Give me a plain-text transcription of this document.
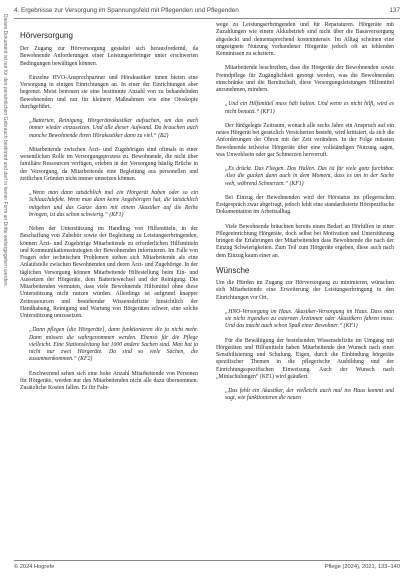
Dieses Dokument ist nur für den persönlichen Gebrauch bestimmt und darf in keiner Form an Dritte weitergegeben werden.
4. Ergebnisse zur Versorgung im Spannungsfeld mit Pflegenden und Pflegenden	137
Hörversorgung

Der Zugang zur Hörversorgung gestaltet sich herausfordernd, da Bewohnende Anforderungen einer Leistungserbringer unter erschwerten Bedingungen bewältigen können.

Einzelne HVO-Ansprechpartner und Hörakustiker innen bieten eine Versorgung in einigen Einrichtungen an. In einer der Einrichtungen aber begrenzt. Meist betreuen sie eine bestimmte Anzahl von zu behandelnden Bewohnenden und nur für kleinere Maßnahmen wie eine Otoskopie durchgeführt.

„Batterien, Reinigung, Hörgeräteakustiker aufsuchen, um das auch immer wieder einzusetzen. Und alle dieser Aufwand. Da brauchen auch manche Bewohnende ihren Hörakustiker dann zu viel.“ (B2)

Mitarbeitende zwischen Ärzt- und Zugehörigen sind oftmals in einer wesentlichen Rolle im Versorgungsprozess zu. Bewohnende, die nicht über familiäre Ressourcen verfügen, erleben in der Versorgung häufig Brüche in der Versorgung, da Mitarbeitende eine Begleitung aus personellen und zeitlichen Gründen nicht immer umsetzen können.

„Wenn man dann tatsächlich mal ein Hörgerät haben oder so ein Schlauchdefekt. Wenn man dann keine Angehörigen hat, die tatsächlich mitgehen und das Ganze dann mit einem Akustiker auf die Reihe bringen, ist das schon schwierig.“ (KF1)

Neben der Unterstützung im Handling von Hilfsmitteln, in der Beschaffung von Zubehör sowie der Begleitung zu Leistungserbringenden, können Ärzt- und Zugehörige Mitarbeitende zu erforderlichen Hilfsmitteln und Kommunikationsstrategien der Bewohnenden informieren. Im Falle von Fragen oder technischen Problemen stehen sich Mitarbeitende als eine Anlaufstelle zwischen Bewohnenden und deren Ärzt- und Zugehörige. In der täglichen Versorgung können Mitarbeitende Hilfestellung beim Ein- und Aussetzen der Hörgeräte, dem Batteriewechsel und der Reinigung. Die Mitarbeitenden vermuten, dass viele Bewohnende Hilfsmittel ohne diese Unterstützung nicht nutzen würden. Allerdings ist aufgrund knapper Zeitressourcen und bestehender Wissensdefizite hinsichtlich der Handhabung, Reinigung und Wartung von Hörgeräten schwer, eine solche Unterstützung umzusetzen.

„Dann pflegen [die Hörgeräte], dann funktionieren die ja nicht mehr. Dann müssen die wahrgenommen werden. Ebenso für die Pflege vielleicht. Eine Stationsleitung hat 1000 andere Sachen sind. Man hat ja nicht nur zwei Hörgeräte. Da sind so viele Sachen, die zusammenkommen.“ (KF2)

Erschwerend sehen sich eine hohe Anzahl Mitarbeitende von Personen für Hörgeräte, werden nur den Mitarbeitenden nicht alle dazu übernommen. Zusätzliche Kosten fallen. Es für Fahr-

wege zu Leistungserbringenden und für Reparaturen. Hörgeräte mit Zuzahlungen wie einem Akkubetrieb sind nicht über die Basisversorgung abgedeckt und dementsprechend kostenintensiv. Im Alltag scheinen eine ungeeignete Nutzung vorhandener Hörgeräte jedoch oft an fehlenden Kenntnissen zu scheitern.

Mitarbeitende beschreiben, dass die Hörgeräte der Bewohnenden sowie Fremdpflege für Zugänglichkeit gesorgt werden, was die Bewohnenden einschränke und die Bereitschaft, diese Versorgungsleistungen Hilfsmittel anzunehmen, mindern.

„Und ein Hilfsmittel muss hält halten. Und wenn es nicht hilft, wird es nicht benutzt.“ (KF1)

Der fünfgelegte Zeitraum, wonach alle sechs Jahre ein Anspruch auf ein neues Hörgerät bei gesetzlich Versicherten besteht, wird kritisiert, da sich die Anforderungen der Ohren mit der Zeit verändern. In der Folge müssten Bewohnende teilweise Hörgeräte über eine vollständigen Nutzung sagen, was Unwohlsein oder gar Schmerzen hervorruft.

„Es drückt. Das Fliegen. Das Hallen. Das ist für viele ganz furchtbar. Also die gucken dann auch in dem Moment, dass es um in der Sache weh, während Schmerzen.“ (KF1)

Bei Einzug der Bewohnenden wird der Hörstatus im pflegerischen Erstgespräch zwar abgefragt, jedoch fehlt eine standardisierte Hörspezifische Dokumentation im Arbeitsalltag.

Viele Bewohnende bräuchten bereits einen Bedarf an Hörhilfen in einer Pflegeeinrichtung Hörgeräte, doch selbst bei Motivation und Unterstützung bringen die Erfahrungen der Mitarbeitenden dass Bewohnende die nach der Einzug Schwierigkeiten. Zum Teil zum Hörgeräte ergeben, diese auch nach dem Einzug kaum einer an.

Wünsche

Um die Hürden im Zugang zur Hörversorgung zu minimieren, wünschen sich Mitarbeitende eine Erweiterung der Leistungserbringung in den Einrichtungen vor Ort.

„HNO-Versorgung im Haus. Akustiker-Versorgung im Haus. Dass man sie nicht irgendwo zu externen Ärztinnen oder Akustikern fahren muss. Und das macht auch schon Spaß einer Bewohner.“ (KF1)

Für die Bewältigung der bestehenden Wissensdefizite im Umgang mit Hörgeräten und Hilfsmitteln haben Mitarbeitende den Wunsch nach einer Sensibilisierung und Schulung. Eigen, durch die Einbindung hörgeräte spezifischer Themen in die pflegerische Ausbildung und der Einrichtungsspezifischen Einweisung. Auch der Wunsch nach „Minischulungen“ (KF1) wird geäußert.

„Das fehlt ein Akustiker, der vielleicht auch mal ins Haus kommt und sagt, wie funktionieren die neuen
© 2024 Hogrefe	Pflege (2024), 2021, 133–140
